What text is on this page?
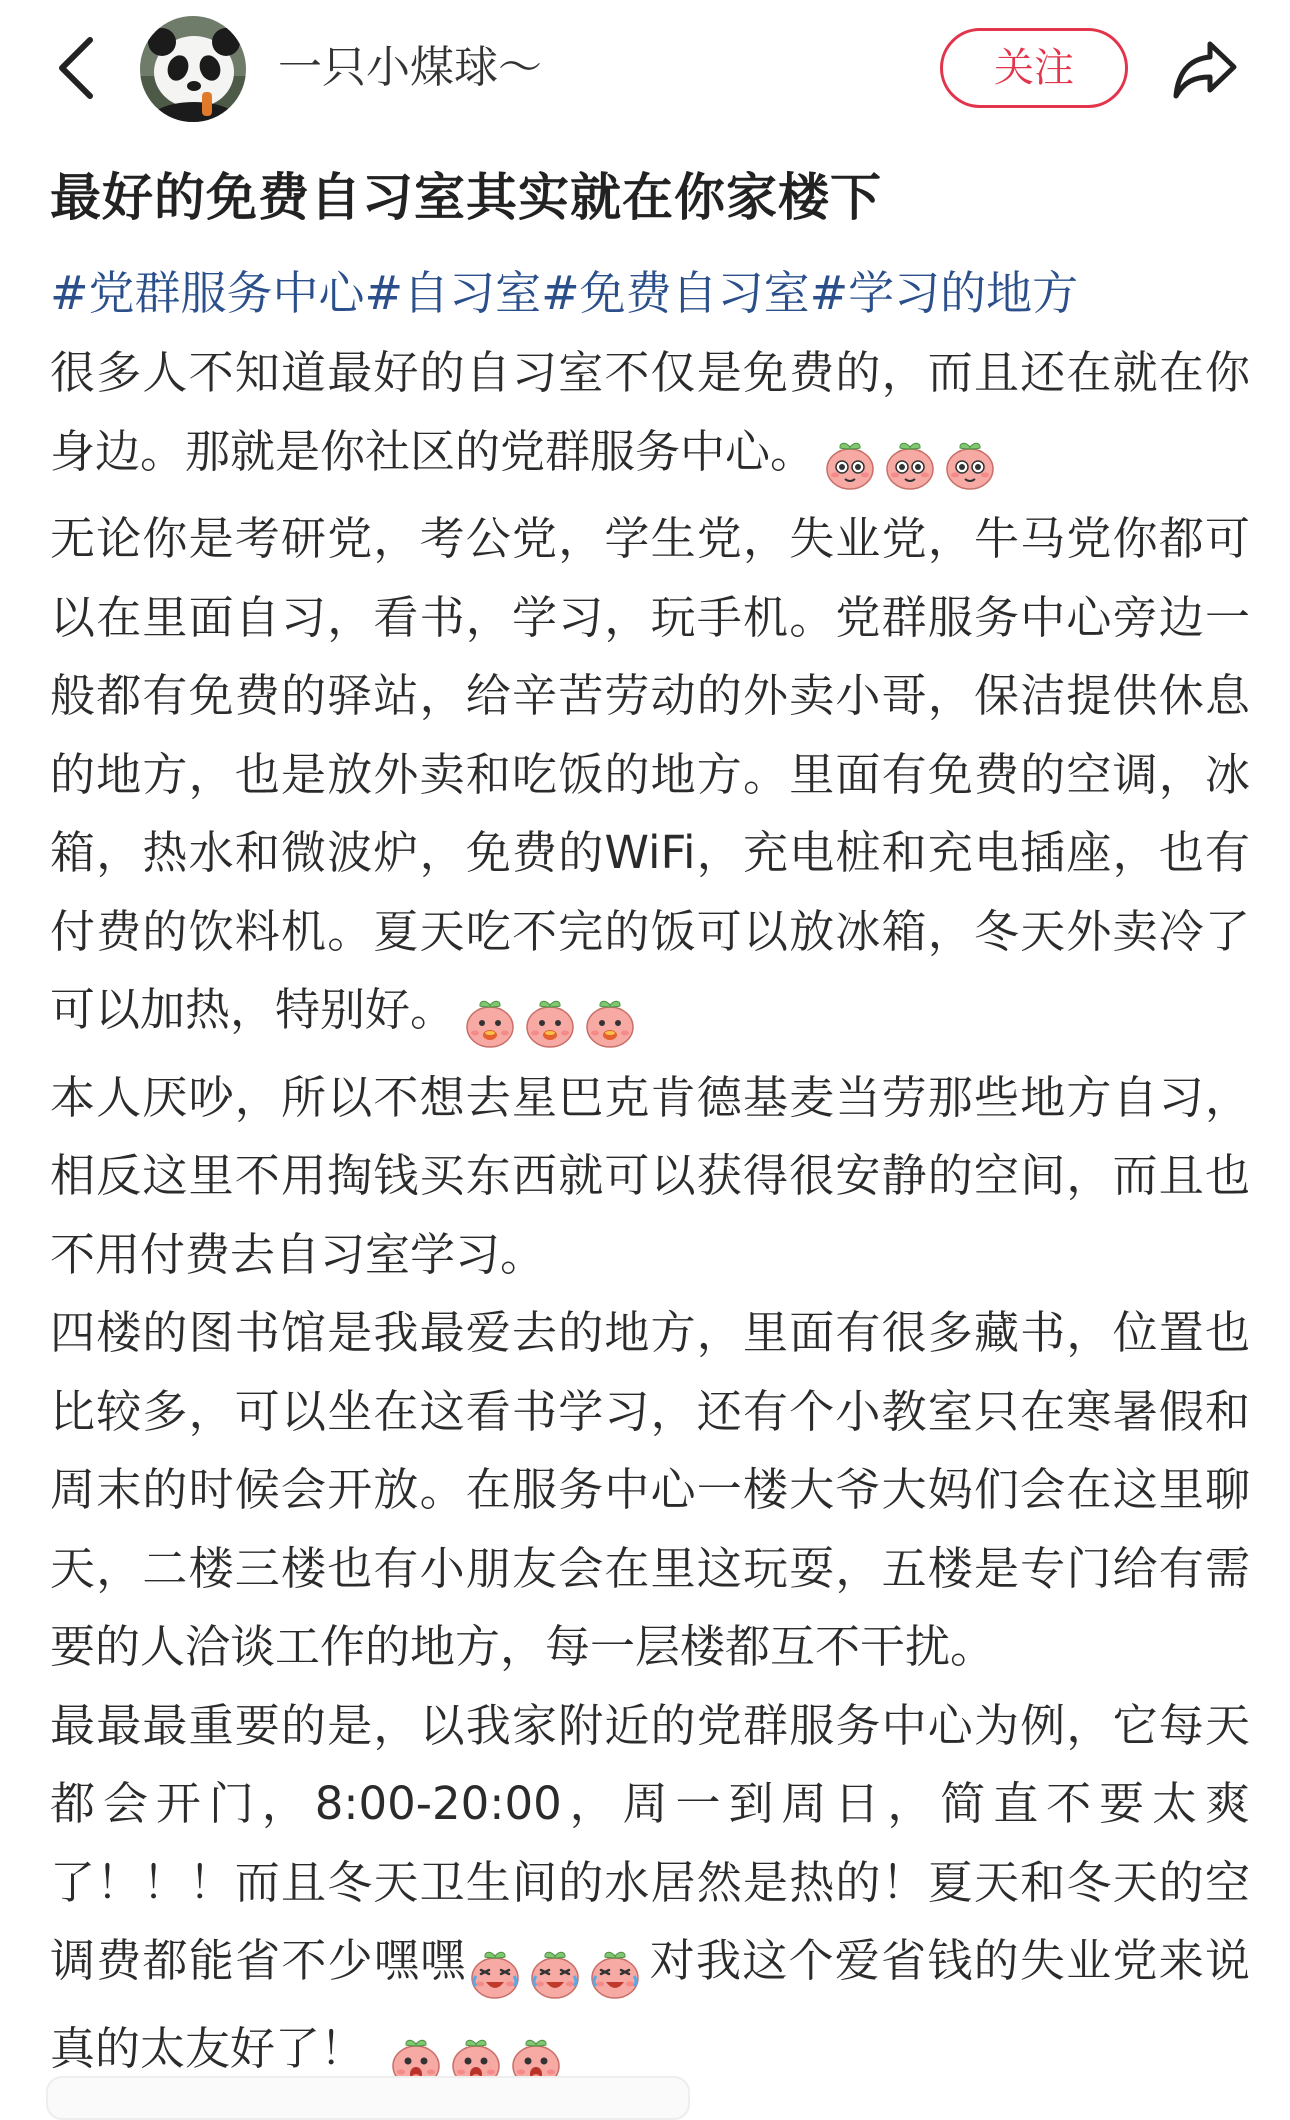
一只小煤球～	关注
最好的免费自习室其实就在你家楼下
#党群服务中心#自习室#免费自习室#学习的地方

很多人不知道最好的自习室不仅是免费的，而且还在就在你身边。那就是你社区的党群服务中心。

无论你是考研党，考公党，学生党，失业党，牛马党你都可以在里面自习，看书，学习，玩手机。党群服务中心旁边一般都有免费的驿站，给辛苦劳动的外卖小哥，保洁提供休息的地方，也是放外卖和吃饭的地方。里面有免费的空调，冰箱，热水和微波炉，免费的WiFi，充电桩和充电插座，也有付费的饮料机。夏天吃不完的饭可以放冰箱，冬天外卖冷了可以加热，特别好。

本人厌吵，所以不想去星巴克肯德基麦当劳那些地方自习，相反这里不用掏钱买东西就可以获得很安静的空间，而且也不用付费去自习室学习。

四楼的图书馆是我最爱去的地方，里面有很多藏书，位置也比较多，可以坐在这看书学习，还有个小教室只在寒暑假和周末的时候会开放。在服务中心一楼大爷大妈们会在这里聊天，二楼三楼也有小朋友会在里这玩耍，五楼是专门给有需要的人洽谈工作的地方，每一层楼都互不干扰。

最最最重要的是，以我家附近的党群服务中心为例，它每天都会开门，8:00-20:00，周一到周日，简直不要太爽了！！！而且冬天卫生间的水居然是热的！夏天和冬天的空调费都能省不少嘿嘿	对我这个爱省钱的失业党来说真的太友好了！
